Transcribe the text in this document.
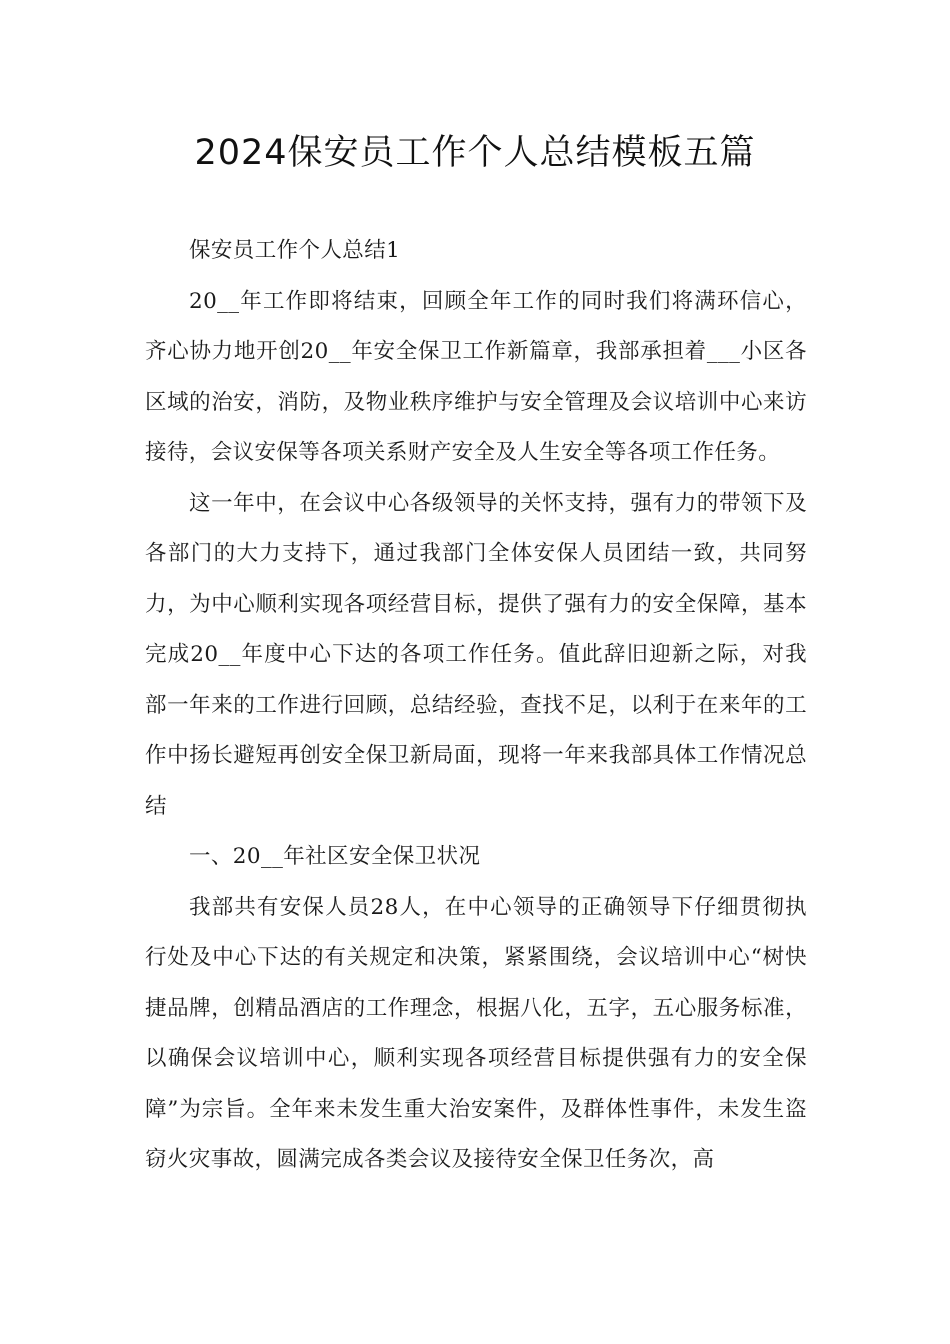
2024保安员工作个人总结模板五篇

保安员工作个人总结1

20__年工作即将结束，回顾全年工作的同时我们将满环信心，齐心协力地开创20__年安全保卫工作新篇章，我部承担着___小区各区域的治安，消防，及物业秩序维护与安全管理及会议培训中心来访接待，会议安保等各项关系财产安全及人生安全等各项工作任务。

这一年中，在会议中心各级领导的关怀支持，强有力的带领下及各部门的大力支持下，通过我部门全体安保人员团结一致，共同努力，为中心顺利实现各项经营目标，提供了强有力的安全保障，基本完成20__年度中心下达的各项工作任务。值此辞旧迎新之际，对我部一年来的工作进行回顾，总结经验，查找不足，以利于在来年的工作中扬长避短再创安全保卫新局面，现将一年来我部具体工作情况总结

一、20__年社区安全保卫状况

我部共有安保人员28人，在中心领导的正确领导下仔细贯彻执行处及中心下达的有关规定和决策，紧紧围绕，会议培训中心“树快捷品牌，创精品酒店的工作理念，根据八化，五字，五心服务标准，以确保会议培训中心，顺利实现各项经营目标提供强有力的安全保障”为宗旨。全年来未发生重大治安案件，及群体性事件，未发生盗窃火灾事故，圆满完成各类会议及接待安全保卫任务次，高
